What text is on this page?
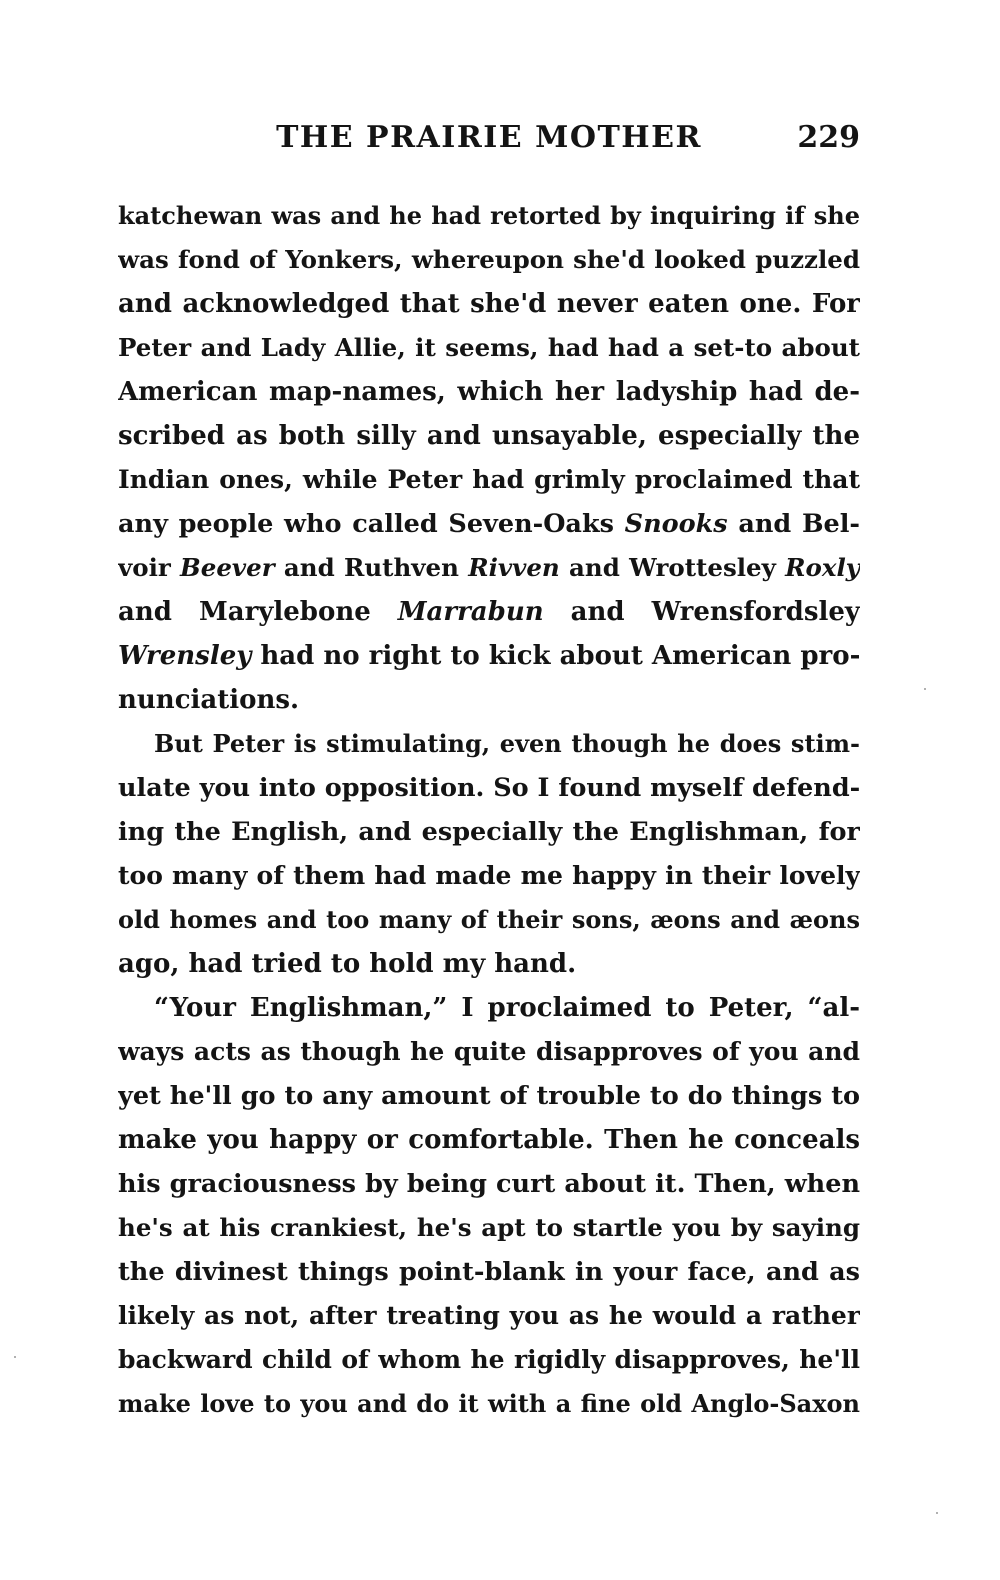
THE PRAIRIE MOTHER	229
katchewan was and he had retorted by inquiring if she
was fond of Yonkers, whereupon she'd looked puzzled
and acknowledged that she'd never eaten one. For
Peter and Lady Allie, it seems, had had a set-to about
American map-names, which her ladyship had de-
scribed as both silly and unsayable, especially the
Indian ones, while Peter had grimly proclaimed that
any people who called Seven-Oaks Snooks and Bel-
voir Beever and Ruthven Rivven and Wrottesley Roxly
and Marylebone Marrabun and Wrensfordsley
Wrensley had no right to kick about American pro-
nunciations.
But Peter is stimulating, even though he does stim-
ulate you into opposition. So I found myself defend-
ing the English, and especially the Englishman, for
too many of them had made me happy in their lovely
old homes and too many of their sons, æons and æons
ago, had tried to hold my hand.
“Your Englishman,” I proclaimed to Peter, “al-
ways acts as though he quite disapproves of you and
yet he'll go to any amount of trouble to do things to
make you happy or comfortable. Then he conceals
his graciousness by being curt about it. Then, when
he's at his crankiest, he's apt to startle you by saying
the divinest things point-blank in your face, and as
likely as not, after treating you as he would a rather
backward child of whom he rigidly disapproves, he'll
make love to you and do it with a fine old Anglo-Saxon
